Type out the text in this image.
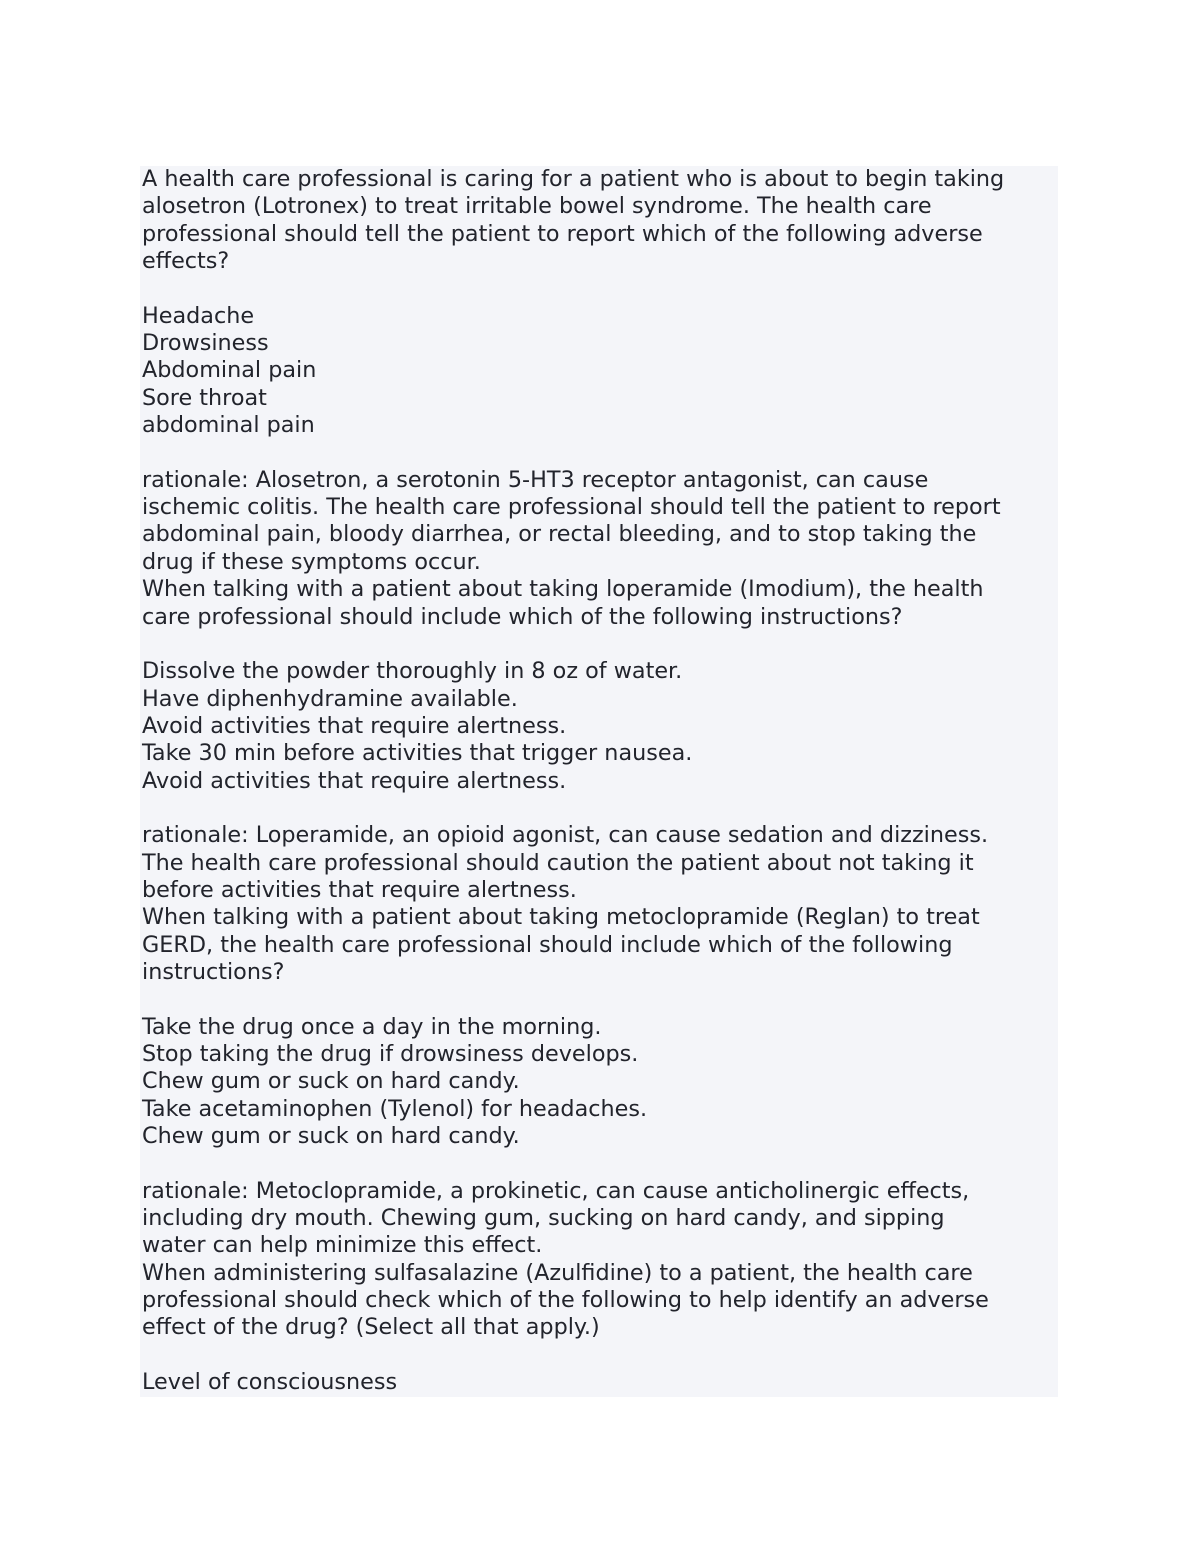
A health care professional is caring for a patient who is about to begin taking
alosetron (Lotronex) to treat irritable bowel syndrome. The health care
professional should tell the patient to report which of the following adverse
effects?
Headache
Drowsiness
Abdominal pain
Sore throat
abdominal pain
rationale: Alosetron, a serotonin 5-HT3 receptor antagonist, can cause
ischemic colitis. The health care professional should tell the patient to report
abdominal pain, bloody diarrhea, or rectal bleeding, and to stop taking the
drug if these symptoms occur.
When talking with a patient about taking loperamide (Imodium), the health
care professional should include which of the following instructions?
Dissolve the powder thoroughly in 8 oz of water.
Have diphenhydramine available.
Avoid activities that require alertness.
Take 30 min before activities that trigger nausea.
Avoid activities that require alertness.
rationale: Loperamide, an opioid agonist, can cause sedation and dizziness.
The health care professional should caution the patient about not taking it
before activities that require alertness.
When talking with a patient about taking metoclopramide (Reglan) to treat
GERD, the health care professional should include which of the following
instructions?
Take the drug once a day in the morning.
Stop taking the drug if drowsiness develops.
Chew gum or suck on hard candy.
Take acetaminophen (Tylenol) for headaches.
Chew gum or suck on hard candy.
rationale: Metoclopramide, a prokinetic, can cause anticholinergic effects,
including dry mouth. Chewing gum, sucking on hard candy, and sipping
water can help minimize this effect.
When administering sulfasalazine (Azulfidine) to a patient, the health care
professional should check which of the following to help identify an adverse
effect of the drug? (Select all that apply.)
Level of consciousness
